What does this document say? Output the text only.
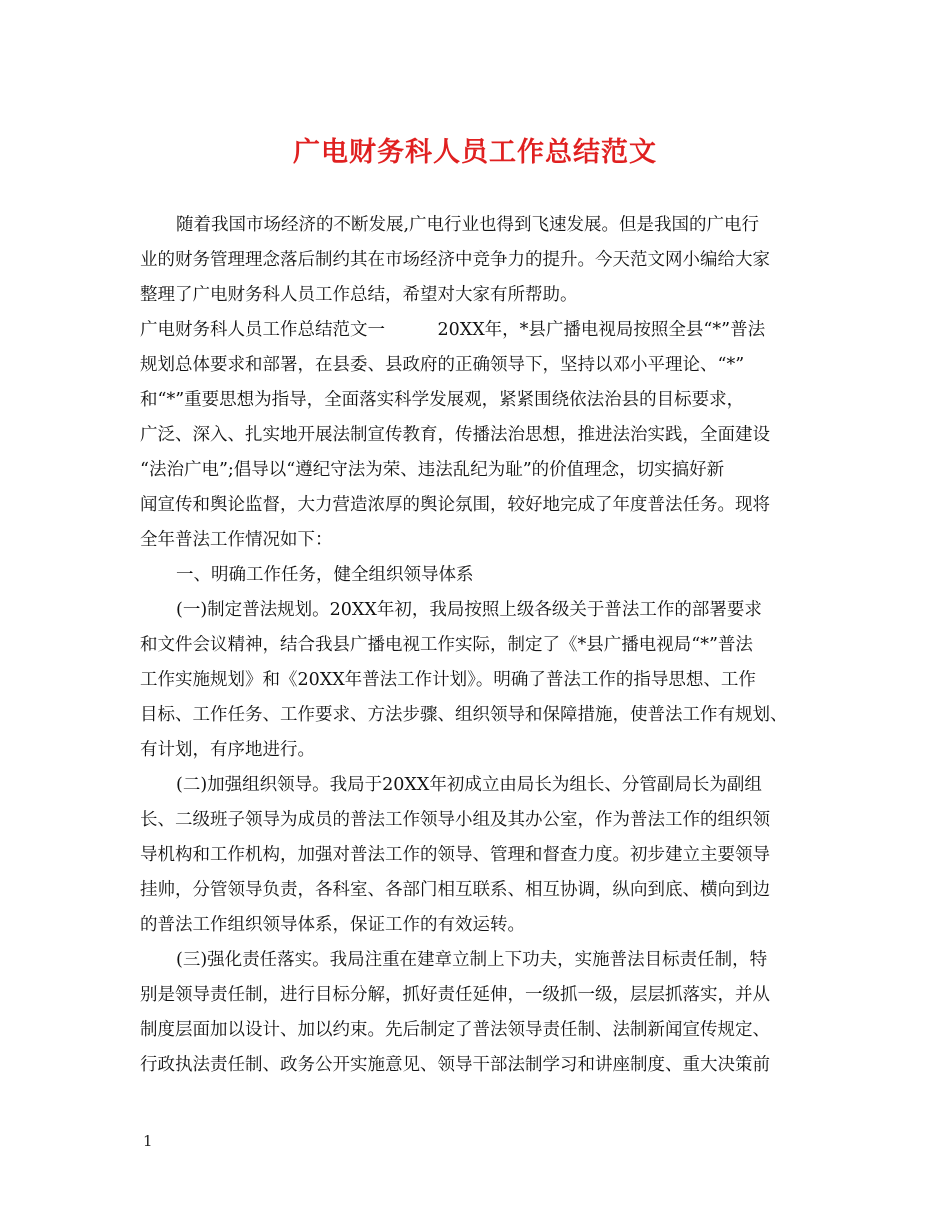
广电财务科人员工作总结范文
随着我国市场经济的不断发展,广电行业也得到飞速发展。但是我国的广电行
业的财务管理理念落后制约其在市场经济中竞争力的提升。今天范文网小编给大家
整理了广电财务科人员工作总结，希望对大家有所帮助。
广电财务科人员工作总结范文一　　　20XX年，*县广播电视局按照全县“*”普法
规划总体要求和部署，在县委、县政府的正确领导下，坚持以邓小平理论、“*”
和“*”重要思想为指导，全面落实科学发展观，紧紧围绕依法治县的目标要求，
广泛、深入、扎实地开展法制宣传教育，传播法治思想，推进法治实践，全面建设
“法治广电”;倡导以“遵纪守法为荣、违法乱纪为耻”的价值理念，切实搞好新
闻宣传和舆论监督，大力营造浓厚的舆论氛围，较好地完成了年度普法任务。现将
全年普法工作情况如下：
一、明确工作任务，健全组织领导体系
(一)制定普法规划。20XX年初，我局按照上级各级关于普法工作的部署要求
和文件会议精神，结合我县广播电视工作实际，制定了《*县广播电视局“*”普法
工作实施规划》和《20XX年普法工作计划》。明确了普法工作的指导思想、工作
目标、工作任务、工作要求、方法步骤、组织领导和保障措施，使普法工作有规划、
有计划，有序地进行。
(二)加强组织领导。我局于20XX年初成立由局长为组长、分管副局长为副组
长、二级班子领导为成员的普法工作领导小组及其办公室，作为普法工作的组织领
导机构和工作机构，加强对普法工作的领导、管理和督查力度。初步建立主要领导
挂帅，分管领导负责，各科室、各部门相互联系、相互协调，纵向到底、横向到边
的普法工作组织领导体系，保证工作的有效运转。
(三)强化责任落实。我局注重在建章立制上下功夫，实施普法目标责任制，特
别是领导责任制，进行目标分解，抓好责任延伸，一级抓一级，层层抓落实，并从
制度层面加以设计、加以约束。先后制定了普法领导责任制、法制新闻宣传规定、
行政执法责任制、政务公开实施意见、领导干部法制学习和讲座制度、重大决策前
1
